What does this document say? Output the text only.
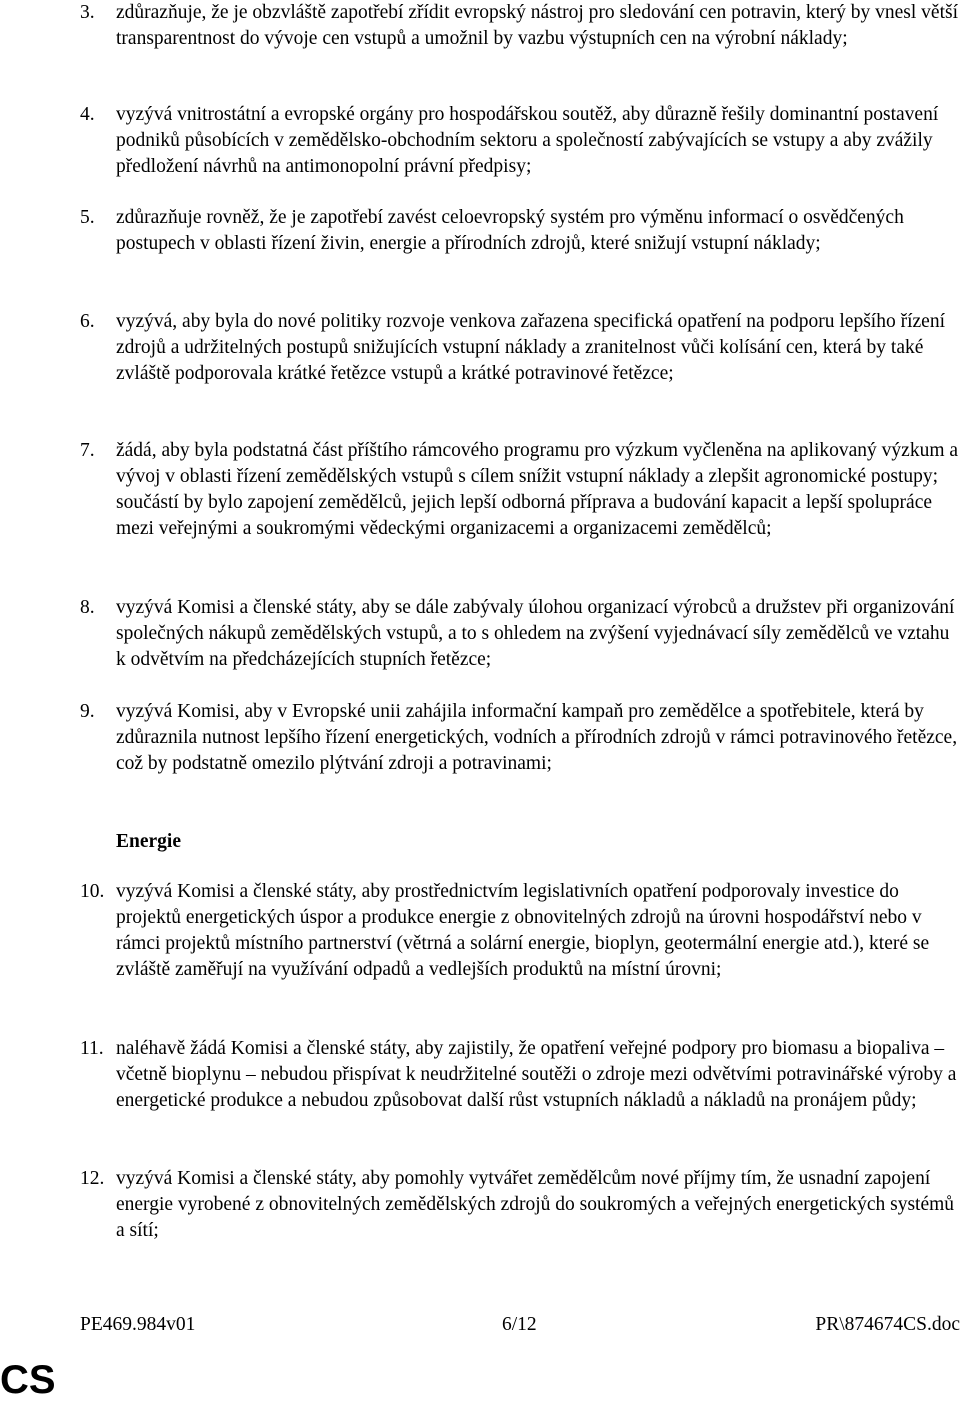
3.	zdůrazňuje, že je obzvláště zapotřebí zřídit evropský nástroj pro sledování cen potravin, který by vnesl větší transparentnost do vývoje cen vstupů a umožnil by vazbu výstupních cen na výrobní náklady;
4.	vyzývá vnitrostátní a evropské orgány pro hospodářskou soutěž, aby důrazně řešily dominantní postavení podniků působících v zemědělsko-obchodním sektoru a společností zabývajících se vstupy a aby zvážily předložení návrhů na antimonopolní právní předpisy;
5.	zdůrazňuje rovněž, že je zapotřebí zavést celoevropský systém pro výměnu informací o osvědčených postupech v oblasti řízení živin, energie a přírodních zdrojů, které snižují vstupní náklady;
6.	vyzývá, aby byla do nové politiky rozvoje venkova zařazena specifická opatření na podporu lepšího řízení zdrojů a udržitelných postupů snižujících vstupní náklady a zranitelnost vůči kolísání cen, která by také zvláště podporovala krátké řetězce vstupů a krátké potravinové řetězce;
7.	žádá, aby byla podstatná část příštího rámcového programu pro výzkum vyčleněna na aplikovaný výzkum a vývoj v oblasti řízení zemědělských vstupů s cílem snížit vstupní náklady a zlepšit agronomické postupy; součástí by bylo zapojení zemědělců, jejich lepší odborná příprava a budování kapacit a lepší spolupráce mezi veřejnými a soukromými vědeckými organizacemi a organizacemi zemědělců;
8.	vyzývá Komisi a členské státy, aby se dále zabývaly úlohou organizací výrobců a družstev při organizování společných nákupů zemědělských vstupů, a to s ohledem na zvýšení vyjednávací síly zemědělců ve vztahu k odvětvím na předcházejících stupních řetězce;
9.	vyzývá Komisi, aby v Evropské unii zahájila informační kampaň pro zemědělce a spotřebitele, která by zdůraznila nutnost lepšího řízení energetických, vodních a přírodních zdrojů v rámci potravinového řetězce, což by podstatně omezilo plýtvání zdroji a potravinami;
Energie
10. vyzývá Komisi a členské státy, aby prostřednictvím legislativních opatření podporovaly investice do projektů energetických úspor a produkce energie z obnovitelných zdrojů na úrovni hospodářství nebo v rámci projektů místního partnerství (větrná a solární energie, bioplyn, geotermální energie atd.), které se zvláště zaměřují na využívání odpadů a vedlejších produktů na místní úrovni;
11. naléhavě žádá Komisi a členské státy, aby zajistily, že opatření veřejné podpory pro biomasu a biopaliva – včetně bioplynu – nebudou přispívat k neudržitelné soutěži o zdroje mezi odvětvími potravinářské výroby a energetické produkce a nebudou způsobovat další růst vstupních nákladů a nákladů na pronájem půdy;
12. vyzývá Komisi a členské státy, aby pomohly vytvářet zemědělcům nové příjmy tím, že usnadní zapojení energie vyrobené z obnovitelných zemědělských zdrojů do soukromých a veřejných energetických systémů a sítí;
PE469.984v01	6/12	PR\874674CS.doc
CS
